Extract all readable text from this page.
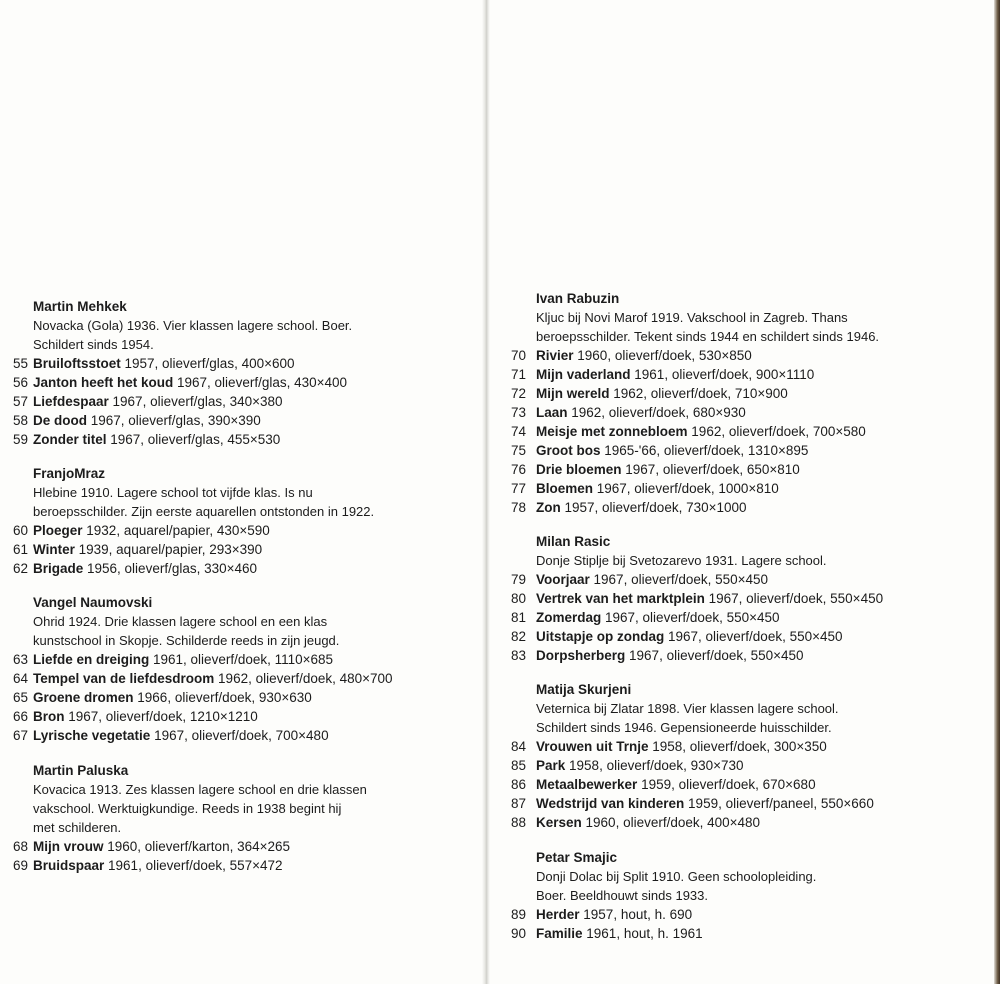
Martin Mehkek
Novacka (Gola) 1936. Vier klassen lagere school. Boer.
Schildert sinds 1954.
55 Bruiloftsstoet 1957, olieverf/glas, 400×600
56 Janton heeft het koud 1967, olieverf/glas, 430×400
57 Liefdespaar 1967, olieverf/glas, 340×380
58 De dood 1967, olieverf/glas, 390×390
59 Zonder titel 1967, olieverf/glas, 455×530
FranjoMraz
Hlebine 1910. Lagere school tot vijfde klas. Is nu
beroepsschilder. Zijn eerste aquarellen ontstonden in 1922.
60 Ploeger 1932, aquarel/papier, 430×590
61 Winter 1939, aquarel/papier, 293×390
62 Brigade 1956, olieverf/glas, 330×460
Vangel Naumovski
Ohrid 1924. Drie klassen lagere school en een klas
kunstschool in Skopje. Schilderde reeds in zijn jeugd.
63 Liefde en dreiging 1961, olieverf/doek, 1110×685
64 Tempel van de liefdesdroom 1962, olieverf/doek, 480×700
65 Groene dromen 1966, olieverf/doek, 930×630
66 Bron 1967, olieverf/doek, 1210×1210
67 Lyrische vegetatie 1967, olieverf/doek, 700×480
Martin Paluska
Kovacica 1913. Zes klassen lagere school en drie klassen
vakschool. Werktuigkundige. Reeds in 1938 begint hij
met schilderen.
68 Mijn vrouw 1960, olieverf/karton, 364×265
69 Bruidspaar 1961, olieverf/doek, 557×472
Ivan Rabuzin
Kljuc bij Novi Marof 1919. Vakschool in Zagreb. Thans
beroepsschilder. Tekent sinds 1944 en schildert sinds 1946.
70 Rivier 1960, olieverf/doek, 530×850
71 Mijn vaderland 1961, olieverf/doek, 900×1110
72 Mijn wereld 1962, olieverf/doek, 710×900
73 Laan 1962, olieverf/doek, 680×930
74 Meisje met zonnebloem 1962, olieverf/doek, 700×580
75 Groot bos 1965-'66, olieverf/doek, 1310×895
76 Drie bloemen 1967, olieverf/doek, 650×810
77 Bloemen 1967, olieverf/doek, 1000×810
78 Zon 1957, olieverf/doek, 730×1000
Milan Rasic
Donje Stiplje bij Svetozarevo 1931. Lagere school.
79 Voorjaar 1967, olieverf/doek, 550×450
80 Vertrek van het marktplein 1967, olieverf/doek, 550×450
81 Zomerdag 1967, olieverf/doek, 550×450
82 Uitstapje op zondag 1967, olieverf/doek, 550×450
83 Dorpsherberg 1967, olieverf/doek, 550×450
Matija Skurjeni
Veternica bij Zlatar 1898. Vier klassen lagere school.
Schildert sinds 1946. Gepensioneerde huisschilder.
84 Vrouwen uit Trnje 1958, olieverf/doek, 300×350
85 Park 1958, olieverf/doek, 930×730
86 Metaalbewerker 1959, olieverf/doek, 670×680
87 Wedstrijd van kinderen 1959, olieverf/paneel, 550×660
88 Kersen 1960, olieverf/doek, 400×480
Petar Smajic
Donji Dolac bij Split 1910. Geen schoolopleiding.
Boer. Beeldhouwt sinds 1933.
89 Herder 1957, hout, h. 690
90 Familie 1961, hout, h. 1961
